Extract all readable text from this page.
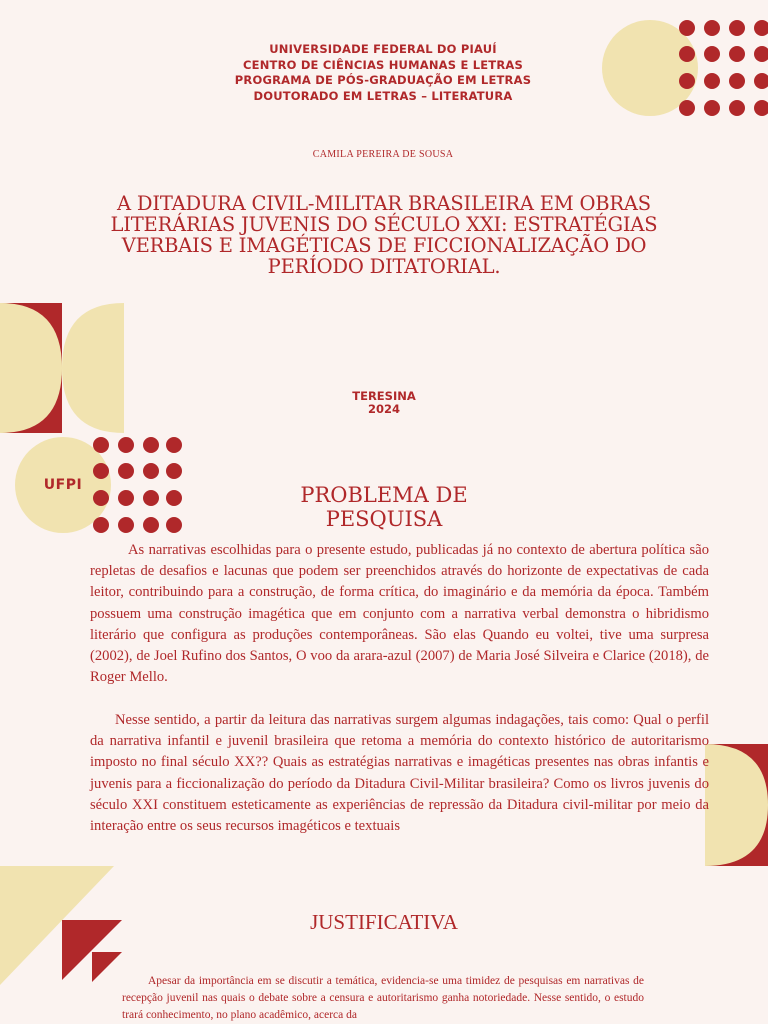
UNIVERSIDADE FEDERAL DO PIAUÍ
CENTRO DE CIÊNCIAS HUMANAS E LETRAS
PROGRAMA DE PÓS-GRADUAÇÃO EM LETRAS
DOUTORADO EM LETRAS – LITERATURA
CAMILA PEREIRA DE SOUSA
A DITADURA CIVIL-MILITAR BRASILEIRA EM OBRAS LITERÁRIAS JUVENIS DO SÉCULO XXI: ESTRATÉGIAS VERBAIS E IMAGÉTICAS DE FICCIONALIZAÇÃO DO PERÍODO DITATORIAL.
TERESINA
2024
UFPI	PROBLEMA DE PESQUISA

As narrativas escolhidas para o presente estudo, publicadas já no contexto de abertura política são repletas de desafios e lacunas que podem ser preenchidos através do horizonte de expectativas de cada leitor, contribuindo para a construção, de forma crítica, do imaginário e da memória da época. Também possuem uma construção imagética que em conjunto com a narrativa verbal demonstra o hibridismo literário que configura as produções contemporâneas. São elas Quando eu voltei, tive uma surpresa (2002), de Joel Rufino dos Santos, O voo da arara-azul (2007) de Maria José Silveira e Clarice (2018), de Roger Mello.

Nesse sentido, a partir da leitura das narrativas surgem algumas indagações, tais como: Qual o perfil da narrativa infantil e juvenil brasileira que retoma a memória do contexto histórico de autoritarismo imposto no final século XX?? Quais as estratégias narrativas e imagéticas presentes nas obras infantis e juvenis para a ficcionalização do período da Ditadura Civil-Militar brasileira? Como os livros juvenis do século XXI constituem esteticamente as experiências de repressão da Ditadura civil-militar por meio da interação entre os seus recursos imagéticos e textuais

JUSTIFICATIVA

Apesar da importância em se discutir a temática, evidencia-se uma timidez de pesquisas em narrativas de recepção juvenil nas quais o debate sobre a censura e autoritarismo ganha notoriedade. Nesse sentido, o estudo trará conhecimento, no plano acadêmico, acerca da
